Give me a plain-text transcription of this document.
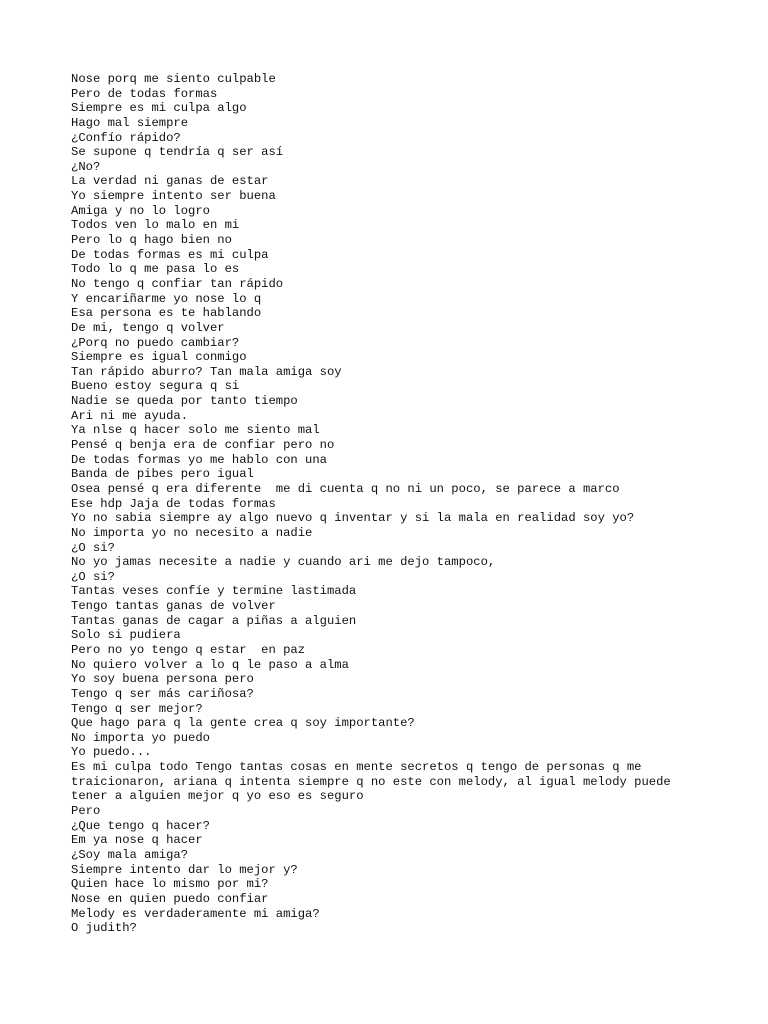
Nose porq me siento culpable
Pero de todas formas
Siempre es mi culpa algo
Hago mal siempre
¿Confío rápido?
Se supone q tendría q ser así
¿No?
La verdad ni ganas de estar
Yo siempre intento ser buena
Amiga y no lo logro
Todos ven lo malo en mi
Pero lo q hago bien no
De todas formas es mi culpa
Todo lo q me pasa lo es
No tengo q confiar tan rápido
Y encariñarme yo nose lo q
Esa persona es te hablando
De mi, tengo q volver
¿Porq no puedo cambiar?
Siempre es igual conmigo
Tan rápido aburro? Tan mala amiga soy
Bueno estoy segura q si
Nadie se queda por tanto tiempo
Ari ni me ayuda.
Ya nlse q hacer solo me siento mal
Pensé q benja era de confiar pero no
De todas formas yo me hablo con una
Banda de pibes pero igual
Osea pensé q era diferente  me di cuenta q no ni un poco, se parece a marco
Ese hdp Jaja de todas formas
Yo no sabia siempre ay algo nuevo q inventar y si la mala en realidad soy yo?
No importa yo no necesito a nadie
¿O si?
No yo jamas necesite a nadie y cuando ari me dejo tampoco,
¿O si?
Tantas veses confíe y termine lastimada
Tengo tantas ganas de volver
Tantas ganas de cagar a piñas a alguien
Solo si pudiera
Pero no yo tengo q estar  en paz
No quiero volver a lo q le paso a alma
Yo soy buena persona pero
Tengo q ser más cariñosa?
Tengo q ser mejor?
Que hago para q la gente crea q soy importante?
No importa yo puedo
Yo puedo...
Es mi culpa todo Tengo tantas cosas en mente secretos q tengo de personas q me
traicionaron, ariana q intenta siempre q no este con melody, al igual melody puede
tener a alguien mejor q yo eso es seguro
Pero
¿Que tengo q hacer?
Em ya nose q hacer
¿Soy mala amiga?
Siempre intento dar lo mejor y?
Quien hace lo mismo por mi?
Nose en quien puedo confiar
Melody es verdaderamente mi amiga?
O judith?
